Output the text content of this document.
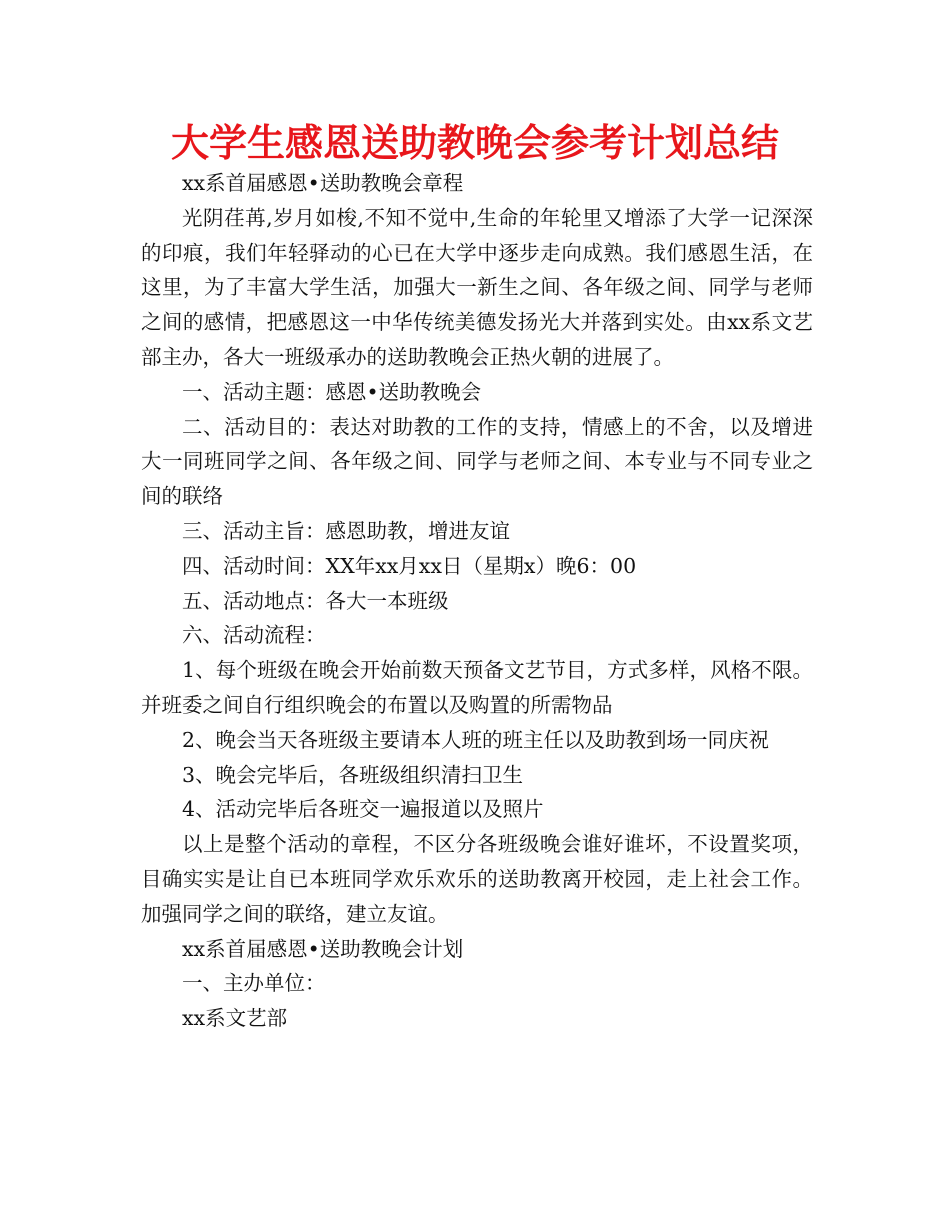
大学生感恩送助教晚会参考计划总结

xx系首届感恩•送助教晚会章程

光阴荏苒,岁月如梭,不知不觉中,生命的年轮里又增添了大学一记深深的印痕，我们年轻驿动的心已在大学中逐步走向成熟。我们感恩生活，在这里，为了丰富大学生活，加强大一新生之间、各年级之间、同学与老师之间的感情，把感恩这一中华传统美德发扬光大并落到实处。由xx系文艺部主办，各大一班级承办的送助教晚会正热火朝的进展了。

一、活动主题：感恩•送助教晚会

二、活动目的：表达对助教的工作的支持，情感上的不舍，以及增进大一同班同学之间、各年级之间、同学与老师之间、本专业与不同专业之间的联络

三、活动主旨：感恩助教，增进友谊

四、活动时间：XX年xx月xx日（星期x）晚6：00

五、活动地点：各大一本班级

六、活动流程：

1、每个班级在晚会开始前数天预备文艺节目，方式多样，风格不限。并班委之间自行组织晚会的布置以及购置的所需物品

2、晚会当天各班级主要请本人班的班主任以及助教到场一同庆祝

3、晚会完毕后，各班级组织清扫卫生

4、活动完毕后各班交一遍报道以及照片

以上是整个活动的章程，不区分各班级晚会谁好谁坏，不设置奖项，目确实实是让自已本班同学欢乐欢乐的送助教离开校园，走上社会工作。加强同学之间的联络，建立友谊。

xx系首届感恩•送助教晚会计划

一、主办单位：

xx系文艺部
